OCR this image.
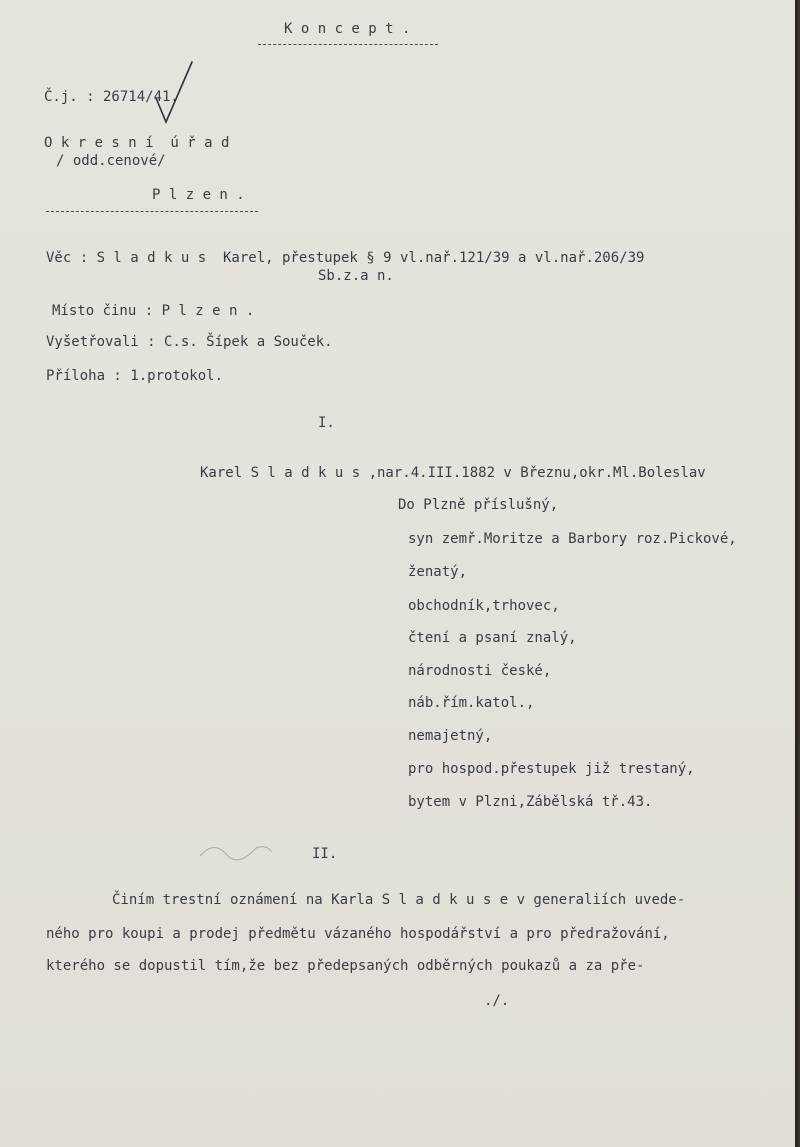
K o n c e p t .
Č.j. : 26714/41.
O k r e s n í  ú ř a d
/ odd.cenové/
P l z e n .
Věc : S l a d k u s  Karel, přestupek § 9 vl.nař.121/39 a vl.nař.206/39
Sb.z.a n.
Místo činu : P l z e n .
Vyšetřovali : C.s. Šípek a Souček.
Příloha : 1.protokol.
I.
Karel S l a d k u s ,nar.4.III.1882 v Březnu,okr.Ml.Boleslav
Do Plzně příslušný,
syn zemř.Moritze a Barbory roz.Pickové,
ženatý,
obchodník,trhovec,
čtení a psaní znalý,
národnosti české,
náb.řím.katol.,
nemajetný,
pro hospod.přestupek již trestaný,
bytem v Plzni,Zábělská tř.43.
II.
Činím trestní oznámení na Karla S l a d k u s e v generaliích uvede-
ného pro koupi a prodej předmětu vázaného hospodářství a pro předražování,
kterého se dopustil tím,že bez předepsaných odběrných poukazů a za pře-
./.
